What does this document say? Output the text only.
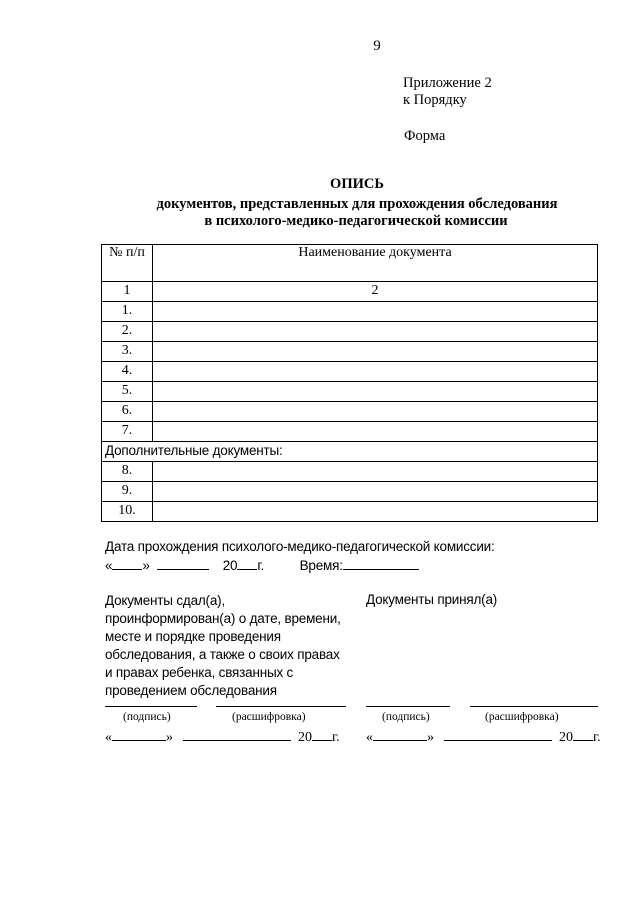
9
Приложение 2
к Порядку
Форма
ОПИСЬ
документов, представленных для прохождения обследования
в психолого-медико-педагогической комиссии
№ п/п	Наименование документа
1	2
1.	
2.	
3.	
4.	
5.	
6.	
7.	
Дополнительные документы:	
8.	
9.	
10.	
Дата прохождения психолого-медико-педагогической комиссии:
« »	20 г.	Время:
Документы сдал(а),
проинформирован(а) о дате, времени,
месте и порядке проведения
обследования, а также о своих правах
и правах ребенка, связанных с
проведением обследования
Документы принял(а)
(подпись)	(расшифровка)	(подпись)	(расшифровка)
«	»	20 г. «	»	20 г.
